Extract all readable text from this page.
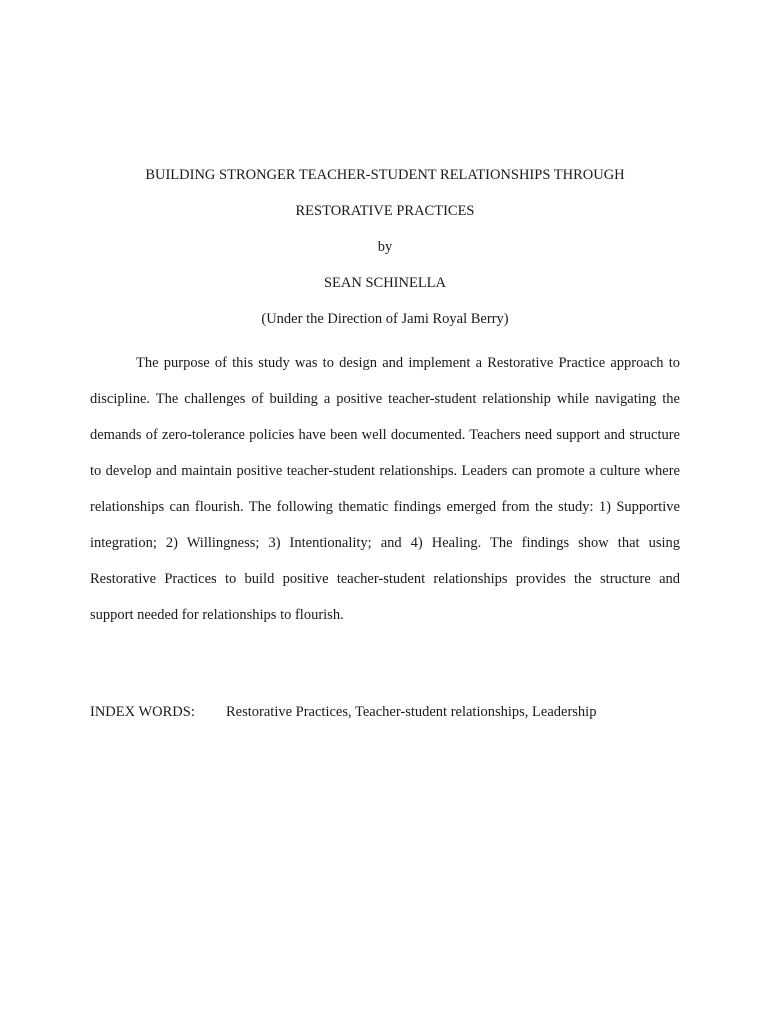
BUILDING STRONGER TEACHER-STUDENT RELATIONSHIPS THROUGH
RESTORATIVE PRACTICES
by
SEAN SCHINELLA
(Under the Direction of Jami Royal Berry)

The purpose of this study was to design and implement a Restorative Practice approach to discipline. The challenges of building a positive teacher-student relationship while navigating the demands of zero-tolerance policies have been well documented. Teachers need support and structure to develop and maintain positive teacher-student relationships. Leaders can promote a culture where relationships can flourish. The following thematic findings emerged from the study: 1) Supportive integration; 2) Willingness; 3) Intentionality; and 4) Healing. The findings show that using Restorative Practices to build positive teacher-student relationships provides the structure and support needed for relationships to flourish.

INDEX WORDS: Restorative Practices, Teacher-student relationships, Leadership
